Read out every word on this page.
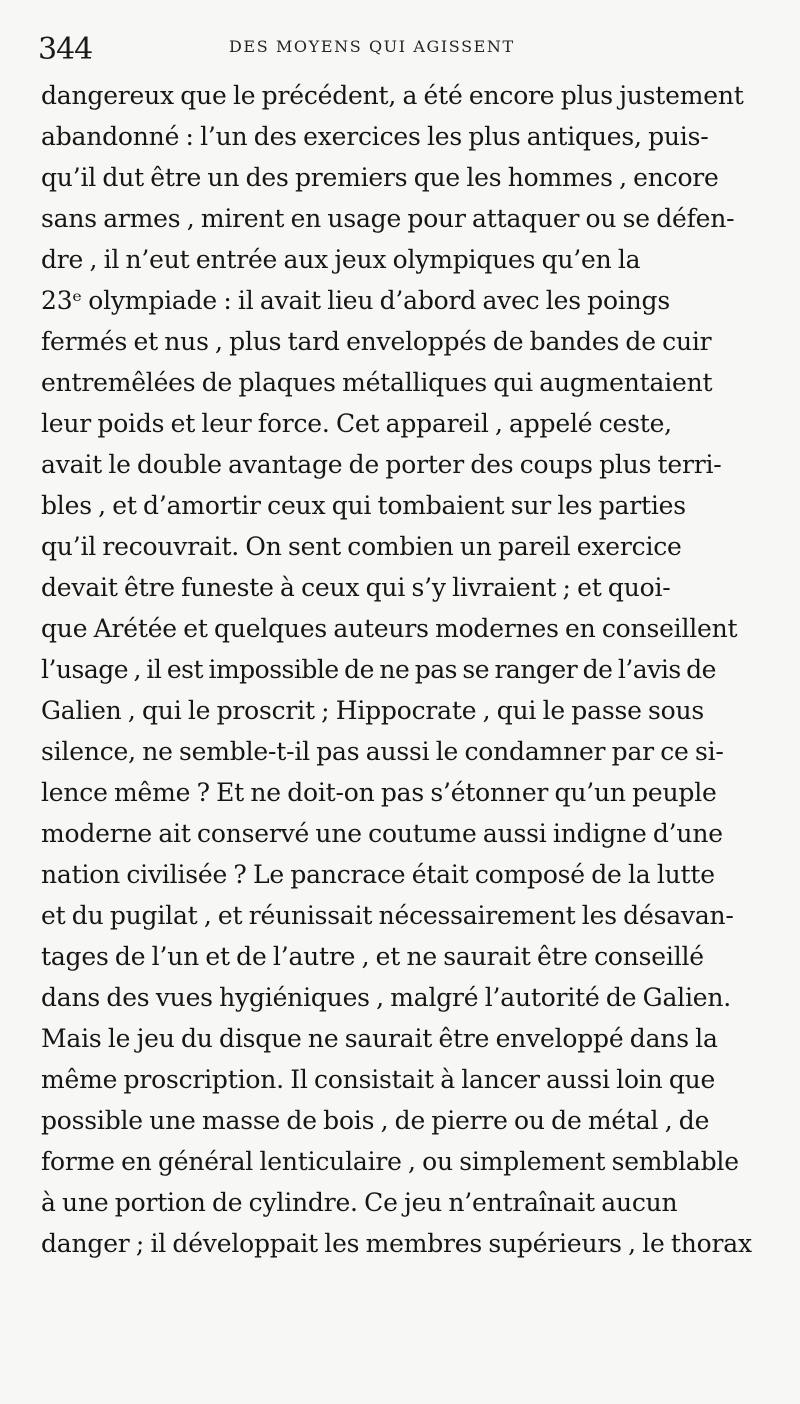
344	DES MOYENS QUI AGISSENT
dangereux que le précédent, a été encore plus justement
abandonné : l’un des exercices les plus antiques, puis-
qu’il dut être un des premiers que les hommes , encore
sans armes , mirent en usage pour attaquer ou se défen-
dre , il n’eut entrée aux jeux olympiques qu’en la
23ᵉ olympiade : il avait lieu d’abord avec les poings
fermés et nus , plus tard enveloppés de bandes de cuir
entremêlées de plaques métalliques qui augmentaient
leur poids et leur force. Cet appareil , appelé ceste,
avait le double avantage de porter des coups plus terri-
bles , et d’amortir ceux qui tombaient sur les parties
qu’il recouvrait. On sent combien un pareil exercice
devait être funeste à ceux qui s’y livraient ; et quoi-
que Arétée et quelques auteurs modernes en conseillent
l’usage , il est impossible de ne pas se ranger de l’avis de
Galien , qui le proscrit ; Hippocrate , qui le passe sous
silence, ne semble-t-il pas aussi le condamner par ce si-
lence même ? Et ne doit-on pas s’étonner qu’un peuple
moderne ait conservé une coutume aussi indigne d’une
nation civilisée ? Le pancrace était composé de la lutte
et du pugilat , et réunissait nécessairement les désavan-
tages de l’un et de l’autre , et ne saurait être conseillé
dans des vues hygiéniques , malgré l’autorité de Galien.
Mais le jeu du disque ne saurait être enveloppé dans la
même proscription. Il consistait à lancer aussi loin que
possible une masse de bois , de pierre ou de métal , de
forme en général lenticulaire , ou simplement semblable
à une portion de cylindre. Ce jeu n’entraînait aucun
danger ; il développait les membres supérieurs , le thorax
